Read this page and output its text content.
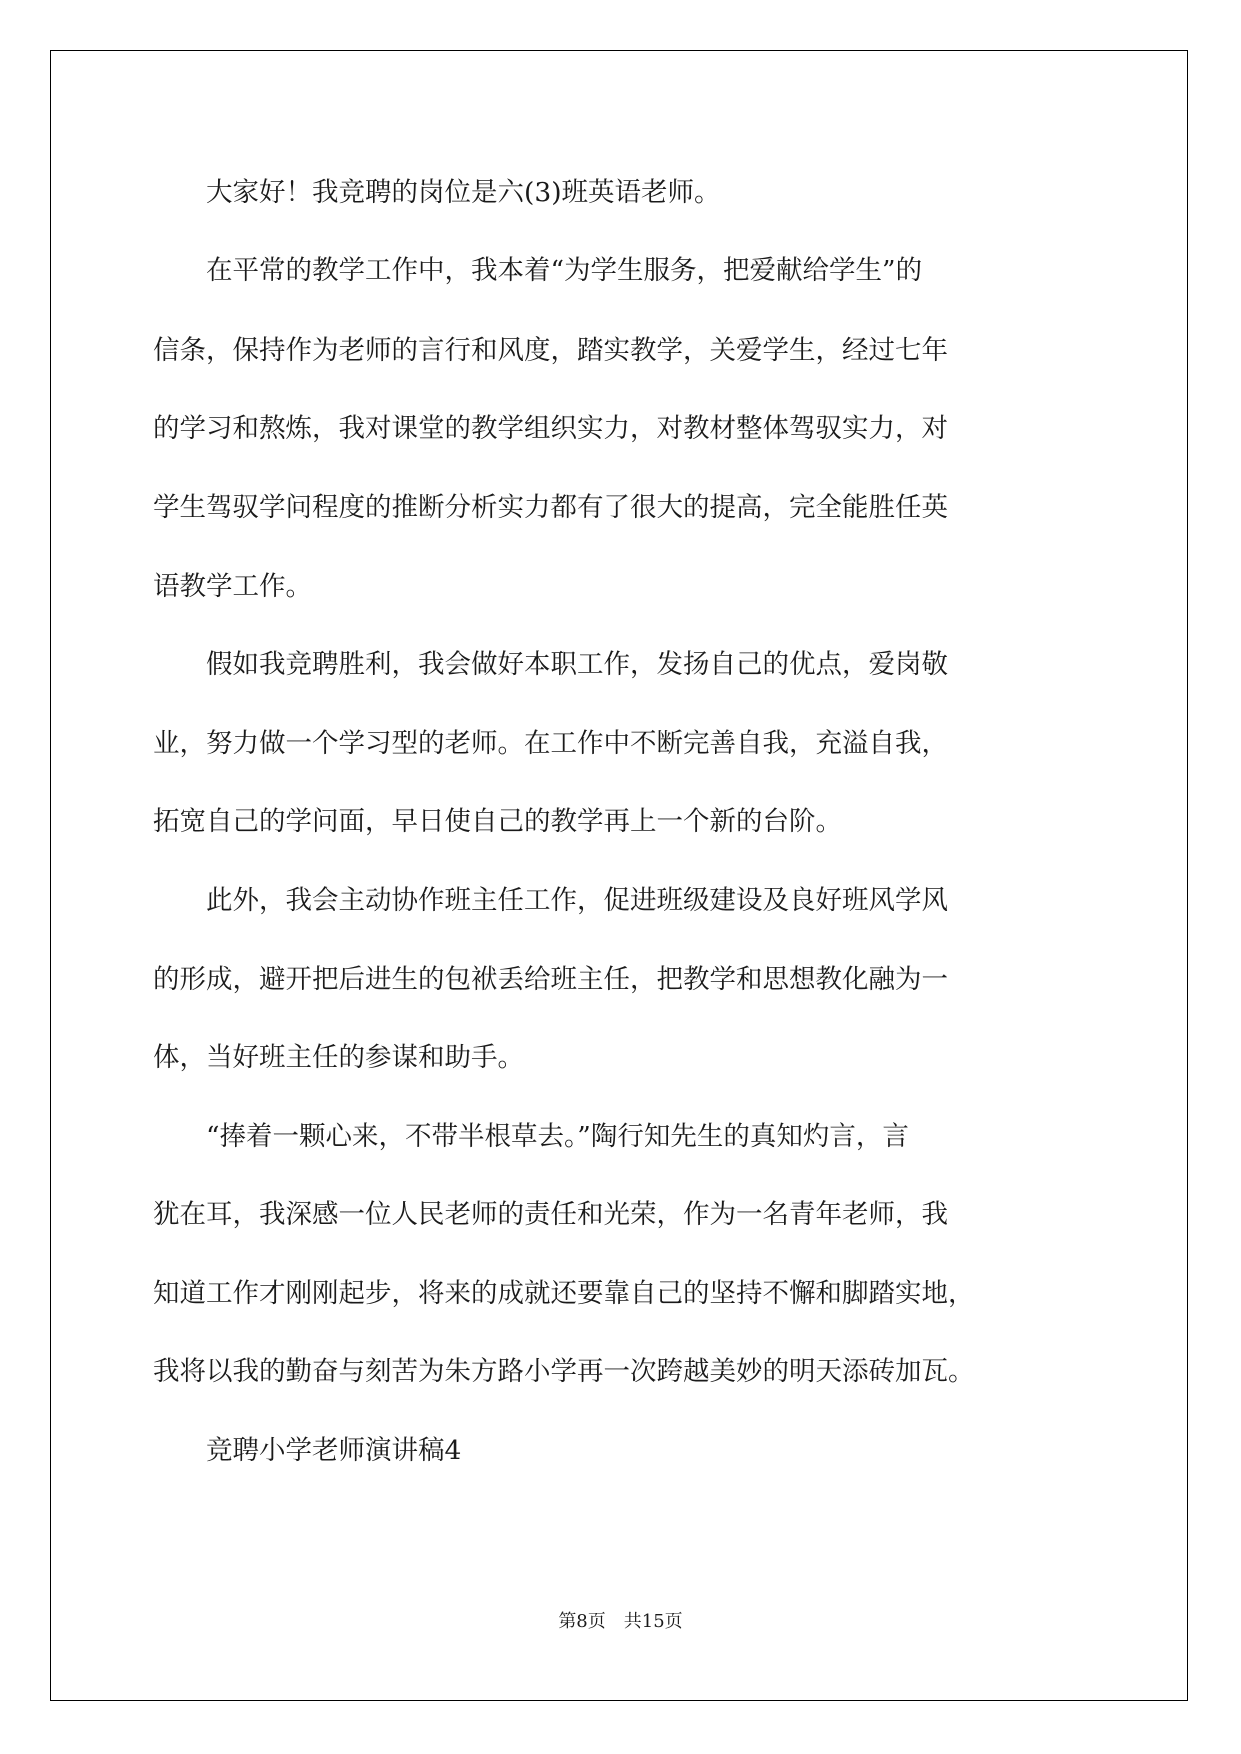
　　大家好！我竞聘的岗位是六(3)班英语老师。

　　在平常的教学工作中，我本着“为学生服务，把爱献给学生”的

信条，保持作为老师的言行和风度，踏实教学，关爱学生，经过七年

的学习和熬炼，我对课堂的教学组织实力，对教材整体驾驭实力，对

学生驾驭学问程度的推断分析实力都有了很大的提高，完全能胜任英

语教学工作。

　　假如我竞聘胜利，我会做好本职工作，发扬自己的优点，爱岗敬

业，努力做一个学习型的老师。在工作中不断完善自我，充溢自我，

拓宽自己的学问面，早日使自己的教学再上一个新的台阶。

　　此外，我会主动协作班主任工作，促进班级建设及良好班风学风

的形成，避开把后进生的包袱丢给班主任，把教学和思想教化融为一

体，当好班主任的参谋和助手。

　　“捧着一颗心来，不带半根草去。”陶行知先生的真知灼言，言

犹在耳，我深感一位人民老师的责任和光荣，作为一名青年老师，我

知道工作才刚刚起步，将来的成就还要靠自己的坚持不懈和脚踏实地，

我将以我的勤奋与刻苦为朱方路小学再一次跨越美妙的明天添砖加瓦。

　　竞聘小学老师演讲稿4

第8页　共15页
